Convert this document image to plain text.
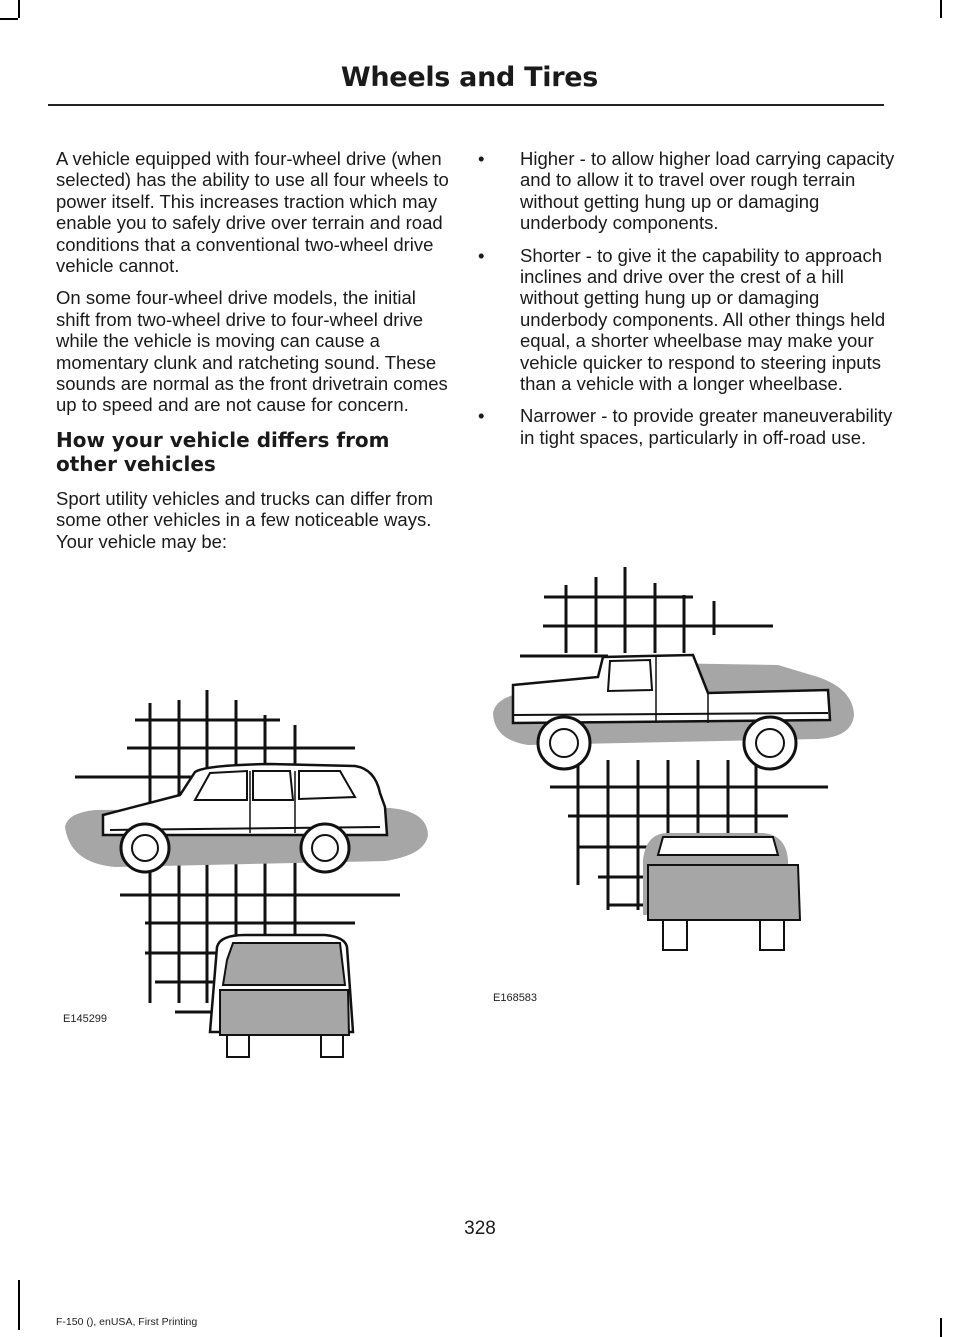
Wheels and Tires

A vehicle equipped with four-wheel drive (when selected) has the ability to use all four wheels to power itself. This increases traction which may enable you to safely drive over terrain and road conditions that a conventional two-wheel drive vehicle cannot.

On some four-wheel drive models, the initial shift from two-wheel drive to four-wheel drive while the vehicle is moving can cause a momentary clunk and ratcheting sound. These sounds are normal as the front drivetrain comes up to speed and are not cause for concern.

How your vehicle differs from other vehicles

Sport utility vehicles and trucks can differ from some other vehicles in a few noticeable ways. Your vehicle may be:

• Higher - to allow higher load carrying capacity and to allow it to travel over rough terrain without getting hung up or damaging underbody components.
• Shorter - to give it the capability to approach inclines and drive over the crest of a hill without getting hung up or damaging underbody components. All other things held equal, a shorter wheelbase may make your vehicle quicker to respond to steering inputs than a vehicle with a longer wheelbase.
• Narrower - to provide greater maneuverability in tight spaces, particularly in off-road use.
E145299
E168583
328
F-150 (), enUSA, First Printing
